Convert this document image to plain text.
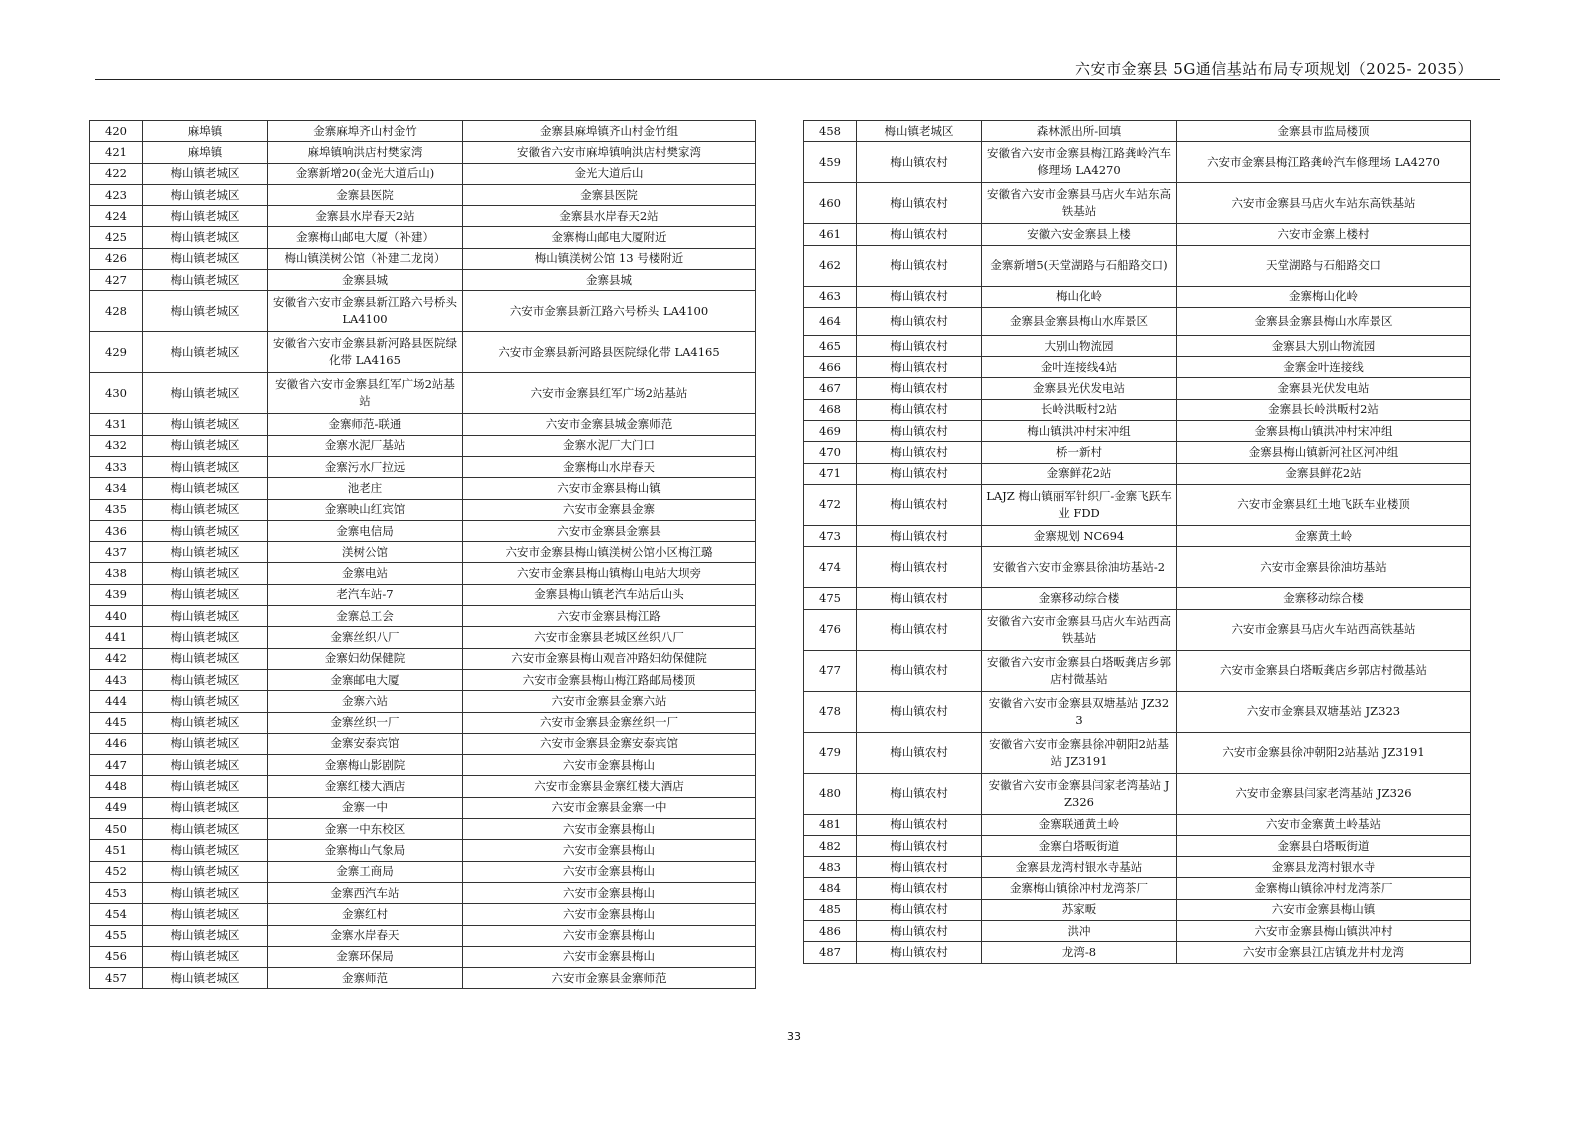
六安市金寨县 5G通信基站布局专项规划（2025- 2035）
420	麻埠镇	金寨麻埠齐山村金竹	金寨县麻埠镇齐山村金竹组
421	麻埠镇	麻埠镇响洪店村樊家湾	安徽省六安市麻埠镇响洪店村樊家湾
422	梅山镇老城区	金寨新增20(金光大道后山)	金光大道后山
423	梅山镇老城区	金寨县医院	金寨县医院
424	梅山镇老城区	金寨县水岸春天2站	金寨县水岸春天2站
425	梅山镇老城区	金寨梅山邮电大厦（补建）	金寨梅山邮电大厦附近
426	梅山镇老城区	梅山镇渼树公馆（补建二龙岗）	梅山镇渼树公馆 13 号楼附近
427	梅山镇老城区	金寨县城	金寨县城
428	梅山镇老城区	安徽省六安市金寨县新江路六号桥头 LA4100	六安市金寨县新江路六号桥头 LA4100
429	梅山镇老城区	安徽省六安市金寨县新河路县医院绿化带 LA4165	六安市金寨县新河路县医院绿化带 LA4165
430	梅山镇老城区	安徽省六安市金寨县红军广场2站基站	六安市金寨县红军广场2站基站
431	梅山镇老城区	金寨师范-联通	六安市金寨县城金寨师范
432	梅山镇老城区	金寨水泥厂基站	金寨水泥厂大门口
433	梅山镇老城区	金寨污水厂拉远	金寨梅山水岸春天
434	梅山镇老城区	池老庄	六安市金寨县梅山镇
435	梅山镇老城区	金寨映山红宾馆	六安市金寨县金寨
436	梅山镇老城区	金寨电信局	六安市金寨县金寨县
437	梅山镇老城区	渼树公馆	六安市金寨县梅山镇渼树公馆小区梅江璐
438	梅山镇老城区	金寨电站	六安市金寨县梅山镇梅山电站大坝旁
439	梅山镇老城区	老汽车站-7	金寨县梅山镇老汽车站后山头
440	梅山镇老城区	金寨总工会	六安市金寨县梅江路
441	梅山镇老城区	金寨丝织八厂	六安市金寨县老城区丝织八厂
442	梅山镇老城区	金寨妇幼保健院	六安市金寨县梅山观音冲路妇幼保健院
443	梅山镇老城区	金寨邮电大厦	六安市金寨县梅山梅江路邮局楼顶
444	梅山镇老城区	金寨六站	六安市金寨县金寨六站
445	梅山镇老城区	金寨丝织一厂	六安市金寨县金寨丝织一厂
446	梅山镇老城区	金寨安泰宾馆	六安市金寨县金寨安泰宾馆
447	梅山镇老城区	金寨梅山影剧院	六安市金寨县梅山
448	梅山镇老城区	金寨红楼大酒店	六安市金寨县金寨红楼大酒店
449	梅山镇老城区	金寨一中	六安市金寨县金寨一中
450	梅山镇老城区	金寨一中东校区	六安市金寨县梅山
451	梅山镇老城区	金寨梅山气象局	六安市金寨县梅山
452	梅山镇老城区	金寨工商局	六安市金寨县梅山
453	梅山镇老城区	金寨西汽车站	六安市金寨县梅山
454	梅山镇老城区	金寨红村	六安市金寨县梅山
455	梅山镇老城区	金寨水岸春天	六安市金寨县梅山
456	梅山镇老城区	金寨环保局	六安市金寨县梅山
457	梅山镇老城区	金寨师范	六安市金寨县金寨师范
458	梅山镇老城区	森林派出所-回填	金寨县市监局楼顶
459	梅山镇农村	安徽省六安市金寨县梅江路龚岭汽车修理场 LA4270	六安市金寨县梅江路龚岭汽车修理场 LA4270
460	梅山镇农村	安徽省六安市金寨县马店火车站东高铁基站	六安市金寨县马店火车站东高铁基站
461	梅山镇农村	安徽六安金寨县上楼	六安市金寨上楼村
462	梅山镇农村	金寨新增5(天堂湖路与石船路交口)	天堂湖路与石船路交口
463	梅山镇农村	梅山化岭	金寨梅山化岭
464	梅山镇农村	金寨县金寨县梅山水库景区	金寨县金寨县梅山水库景区
465	梅山镇农村	大别山物流园	金寨县大别山物流园
466	梅山镇农村	金叶连接线4站	金寨金叶连接线
467	梅山镇农村	金寨县光伏发电站	金寨县光伏发电站
468	梅山镇农村	长岭洪畈村2站	金寨县长岭洪畈村2站
469	梅山镇农村	梅山镇洪冲村宋冲组	金寨县梅山镇洪冲村宋冲组
470	梅山镇农村	桥一新村	金寨县梅山镇新河社区河冲组
471	梅山镇农村	金寨鲜花2站	金寨县鲜花2站
472	梅山镇农村	LAJZ 梅山镇丽军针织厂-金寨飞跃车业 FDD	六安市金寨县红土地飞跃车业楼顶
473	梅山镇农村	金寨规划 NC694	金寨黄土岭
474	梅山镇农村	安徽省六安市金寨县徐油坊基站-2	六安市金寨县徐油坊基站
475	梅山镇农村	金寨移动综合楼	金寨移动综合楼
476	梅山镇农村	安徽省六安市金寨县马店火车站西高铁基站	六安市金寨县马店火车站西高铁基站
477	梅山镇农村	安徽省六安市金寨县白塔畈龚店乡郭店村微基站	六安市金寨县白塔畈龚店乡郭店村微基站
478	梅山镇农村	安徽省六安市金寨县双塘基站 JZ323	六安市金寨县双塘基站 JZ323
479	梅山镇农村	安徽省六安市金寨县徐冲朝阳2站基站 JZ3191	六安市金寨县徐冲朝阳2站基站 JZ3191
480	梅山镇农村	安徽省六安市金寨县闫家老湾基站 JZ326	六安市金寨县闫家老湾基站 JZ326
481	梅山镇农村	金寨联通黄土岭	六安市金寨黄土岭基站
482	梅山镇农村	金寨白塔畈街道	金寨县白塔畈街道
483	梅山镇农村	金寨县龙湾村银水寺基站	金寨县龙湾村银水寺
484	梅山镇农村	金寨梅山镇徐冲村龙湾茶厂	金寨梅山镇徐冲村龙湾茶厂
485	梅山镇农村	苏家畈	六安市金寨县梅山镇
486	梅山镇农村	洪冲	六安市金寨县梅山镇洪冲村
487	梅山镇农村	龙湾-8	六安市金寨县江店镇龙井村龙湾
33
